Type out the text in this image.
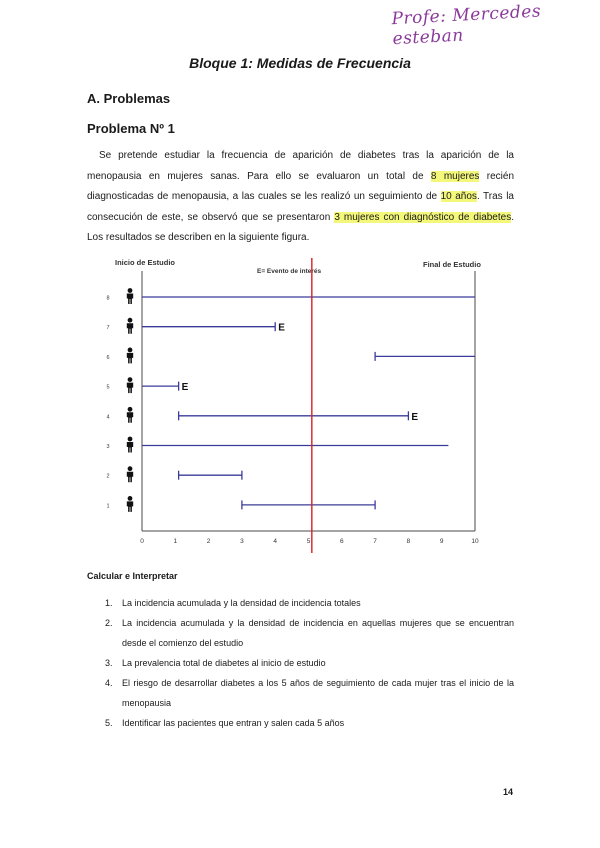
Profe: Mercedes esteban
Bloque 1: Medidas de Frecuencia
A. Problemas
Problema Nº 1

Se pretende estudiar la frecuencia de aparición de diabetes tras la aparición de la menopausia en mujeres sanas. Para ello se evaluaron un total de 8 mujeres recién diagnosticadas de menopausia, a las cuales se les realizó un seguimiento de 10 años. Tras la consecución de este, se observó que se presentaron 3 mujeres con diagnóstico de diabetes. Los resultados se describen en la siguiente figura.

Inicio de Estudio	Final de Estudio
E= Evento de interés
0	1	2	3	4	5	6	7	8	9	10
8
7	E
6
5	E
4	E
3
2
1
Calcular e Interpretar
1. La incidencia acumulada y la densidad de incidencia totales
2. La incidencia acumulada y la densidad de incidencia en aquellas mujeres que se encuentran desde el comienzo del estudio
3. La prevalencia total de diabetes al inicio de estudio
4. El riesgo de desarrollar diabetes a los 5 años de seguimiento de cada mujer tras el inicio de la menopausia
5. Identificar las pacientes que entran y salen cada 5 años
14
